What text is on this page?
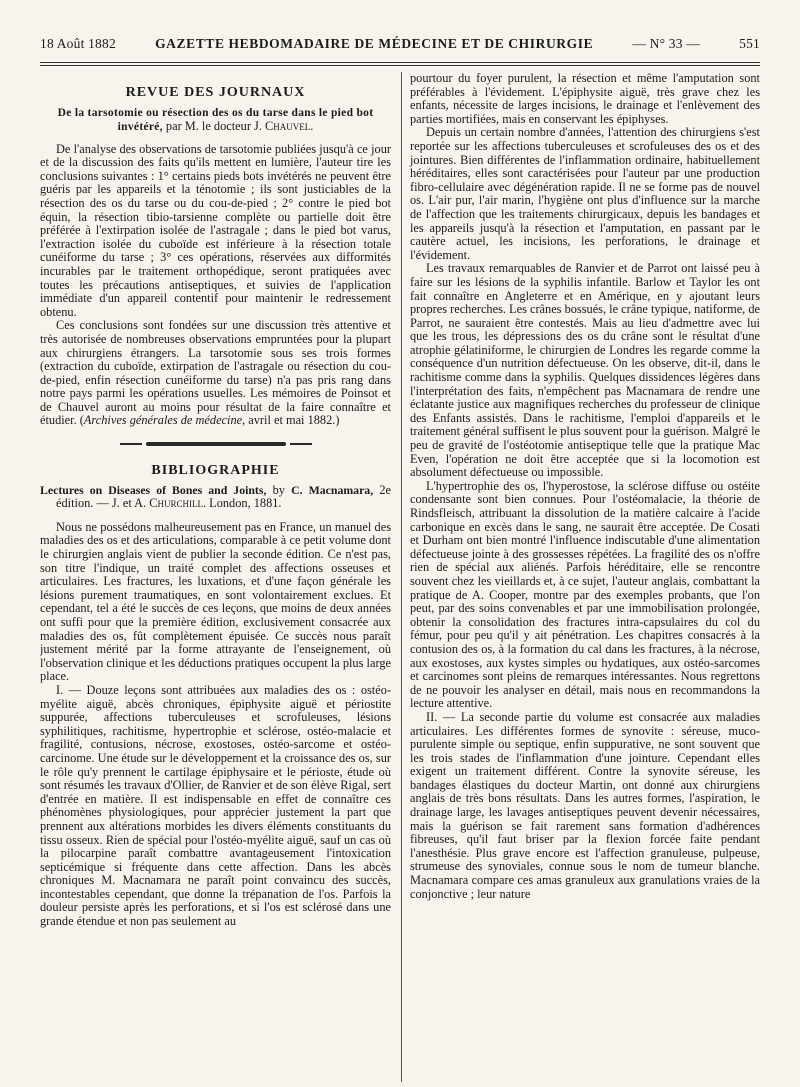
18 Août 1882	GAZETTE HEBDOMADAIRE DE MÉDECINE ET DE CHIRURGIE	— N° 33 —	551
REVUE DES JOURNAUX
De la tarsotomie ou résection des os du tarse dans le pied bot invétéré, par M. le docteur J. Chauvel.

De l'analyse des observations de tarsotomie publiées jusqu'à ce jour et de la discussion des faits qu'ils mettent en lumière, l'auteur tire les conclusions suivantes : 1° certains pieds bots invétérés ne peuvent être guéris par les appareils et la ténotomie ; ils sont justiciables de la résection des os du tarse ou du cou-de-pied ; 2° contre le pied bot équin, la résection tibio-tarsienne complète ou partielle doit être préférée à l'extirpation isolée de l'astragale ; dans le pied bot varus, l'extraction isolée du cuboïde est inférieure à la résection totale cunéiforme du tarse ; 3° ces opérations, réservées aux difformités incurables par le traitement orthopédique, seront pratiquées avec toutes les précautions antiseptiques, et suivies de l'application immédiate d'un appareil contentif pour maintenir le redressement obtenu.

Ces conclusions sont fondées sur une discussion très attentive et très autorisée de nombreuses observations empruntées pour la plupart aux chirurgiens étrangers. La tarsotomie sous ses trois formes (extraction du cuboïde, extirpation de l'astragale ou résection du cou-de-pied, enfin résection cunéiforme du tarse) n'a pas pris rang dans notre pays parmi les opérations usuelles. Les mémoires de Poinsot et de Chauvel auront au moins pour résultat de la faire connaître et étudier. (Archives générales de médecine, avril et mai 1882.)

BIBLIOGRAPHIE

Lectures on Diseases of Bones and Joints, by C. Macnamara, 2e édition. — J. et A. Churchill. London, 1881.

Nous ne possédons malheureusement pas en France, un manuel des maladies des os et des articulations, comparable à ce petit volume dont le chirurgien anglais vient de publier la seconde édition. Ce n'est pas, son titre l'indique, un traité complet des affections osseuses et articulaires. Les fractures, les luxations, et d'une façon générale les lésions purement traumatiques, en sont volontairement exclues. Et cependant, tel a été le succès de ces leçons, que moins de deux années ont suffi pour que la première édition, exclusivement consacrée aux maladies des os, fût complètement épuisée. Ce succès nous paraît justement mérité par la forme attrayante de l'enseignement, où l'observation clinique et les déductions pratiques occupent la plus large place.

I. — Douze leçons sont attribuées aux maladies des os : ostéo-myélite aiguë, abcès chroniques, épiphysite aiguë et périostite suppurée, affections tuberculeuses et scrofuleuses, lésions syphilitiques, rachitisme, hypertrophie et sclérose, ostéo-malacie et fragilité, contusions, nécrose, exostoses, ostéo-sarcome et ostéo-carcinome. Une étude sur le développement et la croissance des os, sur le rôle qu'y prennent le cartilage épiphysaire et le périoste, étude où sont résumés les travaux d'Ollier, de Ranvier et de son élève Rigal, sert d'entrée en matière. Il est indispensable en effet de connaître ces phénomènes physiologiques, pour apprécier justement la part que prennent aux altérations morbides les divers éléments constituants du tissu osseux. Rien de spécial pour l'ostéo-myélite aiguë, sauf un cas où la pilocarpine paraît combattre avantageusement l'intoxication septicémique si fréquente dans cette affection. Dans les abcès chroniques M. Macnamara ne paraît point convaincu des succès, incontestables cependant, que donne la trépanation de l'os. Parfois la douleur persiste après les perforations, et si l'os est sclérosé dans une grande étendue et non pas seulement au

pourtour du foyer purulent, la résection et même l'amputation sont préférables à l'évidement. L'épiphysite aiguë, très grave chez les enfants, nécessite de larges incisions, le drainage et l'enlèvement des parties mortifiées, mais en conservant les épiphyses.

Depuis un certain nombre d'années, l'attention des chirurgiens s'est reportée sur les affections tuberculeuses et scrofuleuses des os et des jointures. Bien différentes de l'inflammation ordinaire, habituellement héréditaires, elles sont caractérisées pour l'auteur par une production fibro-cellulaire avec dégénération rapide. Il ne se forme pas de nouvel os. L'air pur, l'air marin, l'hygiène ont plus d'influence sur la marche de l'affection que les traitements chirurgicaux, depuis les bandages et les appareils jusqu'à la résection et l'amputation, en passant par le cautère actuel, les incisions, les perforations, le drainage et l'évidement.

Les travaux remarquables de Ranvier et de Parrot ont laissé peu à faire sur les lésions de la syphilis infantile. Barlow et Taylor les ont fait connaître en Angleterre et en Amérique, en y ajoutant leurs propres recherches. Les crânes bossués, le crâne typique, natiforme, de Parrot, ne sauraient être contestés. Mais au lieu d'admettre avec lui que les trous, les dépressions des os du crâne sont le résultat d'une atrophie gélatiniforme, le chirurgien de Londres les regarde comme la conséquence d'un nutrition défectueuse. On les observe, dit-il, dans le rachitisme comme dans la syphilis. Quelques dissidences légères dans l'interprétation des faits, n'empêchent pas Macnamara de rendre une éclatante justice aux magnifiques recherches du professeur de clinique des Enfants assistés. Dans le rachitisme, l'emploi d'appareils et le traitement général suffisent le plus souvent pour la guérison. Malgré le peu de gravité de l'ostéotomie antiseptique telle que la pratique Mac Even, l'opération ne doit être acceptée que si la locomotion est absolument défectueuse ou impossible.

L'hypertrophie des os, l'hyperostose, la sclérose diffuse ou ostéite condensante sont bien connues. Pour l'ostéomalacie, la théorie de Rindsfleisch, attribuant la dissolution de la matière calcaire à l'acide carbonique en excès dans le sang, ne saurait être acceptée. De Cosati et Durham ont bien montré l'influence indiscutable d'une alimentation défectueuse jointe à des grossesses répétées. La fragilité des os n'offre rien de spécial aux aliénés. Parfois héréditaire, elle se rencontre souvent chez les vieillards et, à ce sujet, l'auteur anglais, combattant la pratique de A. Cooper, montre par des exemples probants, que l'on peut, par des soins convenables et par une immobilisation prolongée, obtenir la consolidation des fractures intra-capsulaires du col du fémur, pour peu qu'il y ait pénétration. Les chapitres consacrés à la contusion des os, à la formation du cal dans les fractures, à la nécrose, aux exostoses, aux kystes simples ou hydatiques, aux ostéo-sarcomes et carcinomes sont pleins de remarques intéressantes. Nous regrettons de ne pouvoir les analyser en détail, mais nous en recommandons la lecture attentive.

II. — La seconde partie du volume est consacrée aux maladies articulaires. Les différentes formes de synovite : séreuse, muco-purulente simple ou septique, enfin suppurative, ne sont souvent que les trois stades de l'inflammation d'une jointure. Cependant elles exigent un traitement différent. Contre la synovite séreuse, les bandages élastiques du docteur Martin, ont donné aux chirurgiens anglais de très bons résultats. Dans les autres formes, l'aspiration, le drainage large, les lavages antiseptiques peuvent devenir nécessaires, mais la guérison se fait rarement sans formation d'adhérences fibreuses, qu'il faut briser par la flexion forcée faite pendant l'anesthésie. Plus grave encore est l'affection granuleuse, pulpeuse, strumeuse des synoviales, connue sous le nom de tumeur blanche. Macnamara compare ces amas granuleux aux granulations vraies de la conjonctive ; leur nature
